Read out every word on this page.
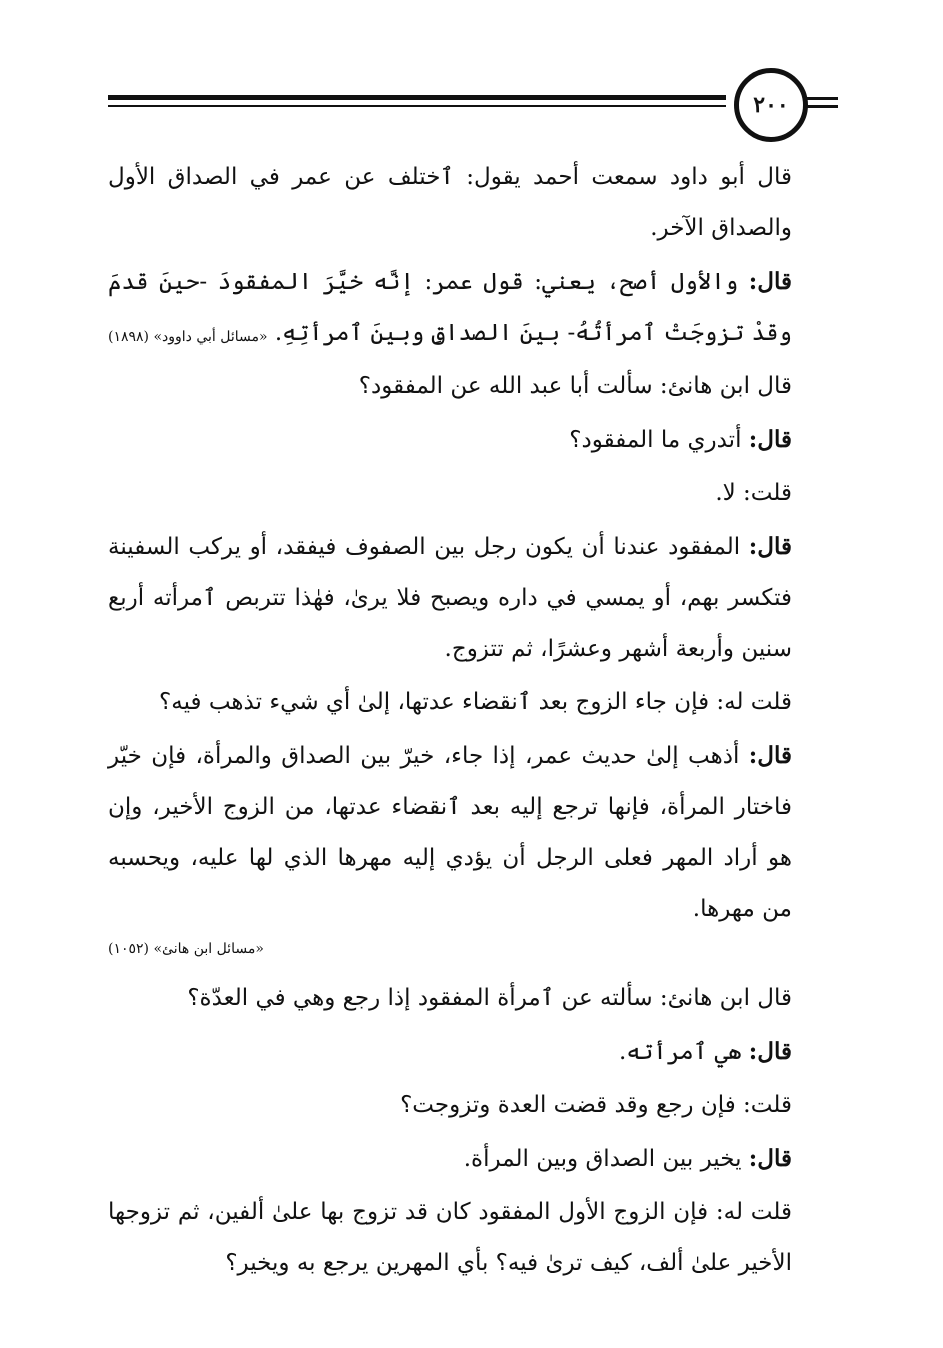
٢٠٠

قال أبو داود سمعت أحمد يقول: ٱختلف عن عمر في الصداق الأول والصداق الآخر.

قال: والأول أصح، يعني: قول عمر: إنَّه خيَّرَ المفقودَ -حينَ قدمَ وقدْ تزوجَتْ ٱمرأتُهُ- بينَ الصداقِ وبينَ ٱمرأتِهِ.
«مسائل أبي داوود» (١٨٩٨)

قال ابن هانئ: سألت أبا عبد الله عن المفقود؟

قال: أتدري ما المفقود؟

قلت: لا.

قال: المفقود عندنا أن يكون رجل بين الصفوف فيفقد، أو يركب السفينة فتكسر بهم، أو يمسي في داره ويصبح فلا يرىٰ، فهٰذا تتربص ٱمرأته أربع سنين وأربعة أشهر وعشرًا، ثم تتزوج.

قلت له: فإن جاء الزوج بعد ٱنقضاء عدتها، إلىٰ أي شيء تذهب فيه؟

قال: أذهب إلىٰ حديث عمر، إذا جاء، خيرّ بين الصداق والمرأة، فإن خيّر فاختار المرأة، فإنها ترجع إليه بعد ٱنقضاء عدتها، من الزوج الأخير، وإن هو أراد المهر فعلى الرجل أن يؤدي إليه مهرها الذي لها عليه، ويحسبه من مهرها.

«مسائل ابن هانئ» (١٠٥٢)

قال ابن هانئ: سألته عن ٱمرأة المفقود إذا رجع وهي في العدّة؟

قال: هي ٱمرأته.

قلت: فإن رجع وقد قضت العدة وتزوجت؟

قال: يخير بين الصداق وبين المرأة.

قلت له: فإن الزوج الأول المفقود كان قد تزوج بها علىٰ ألفين، ثم تزوجها الأخير علىٰ ألف، كيف ترىٰ فيه؟ بأي المهرين يرجع به ويخير؟
